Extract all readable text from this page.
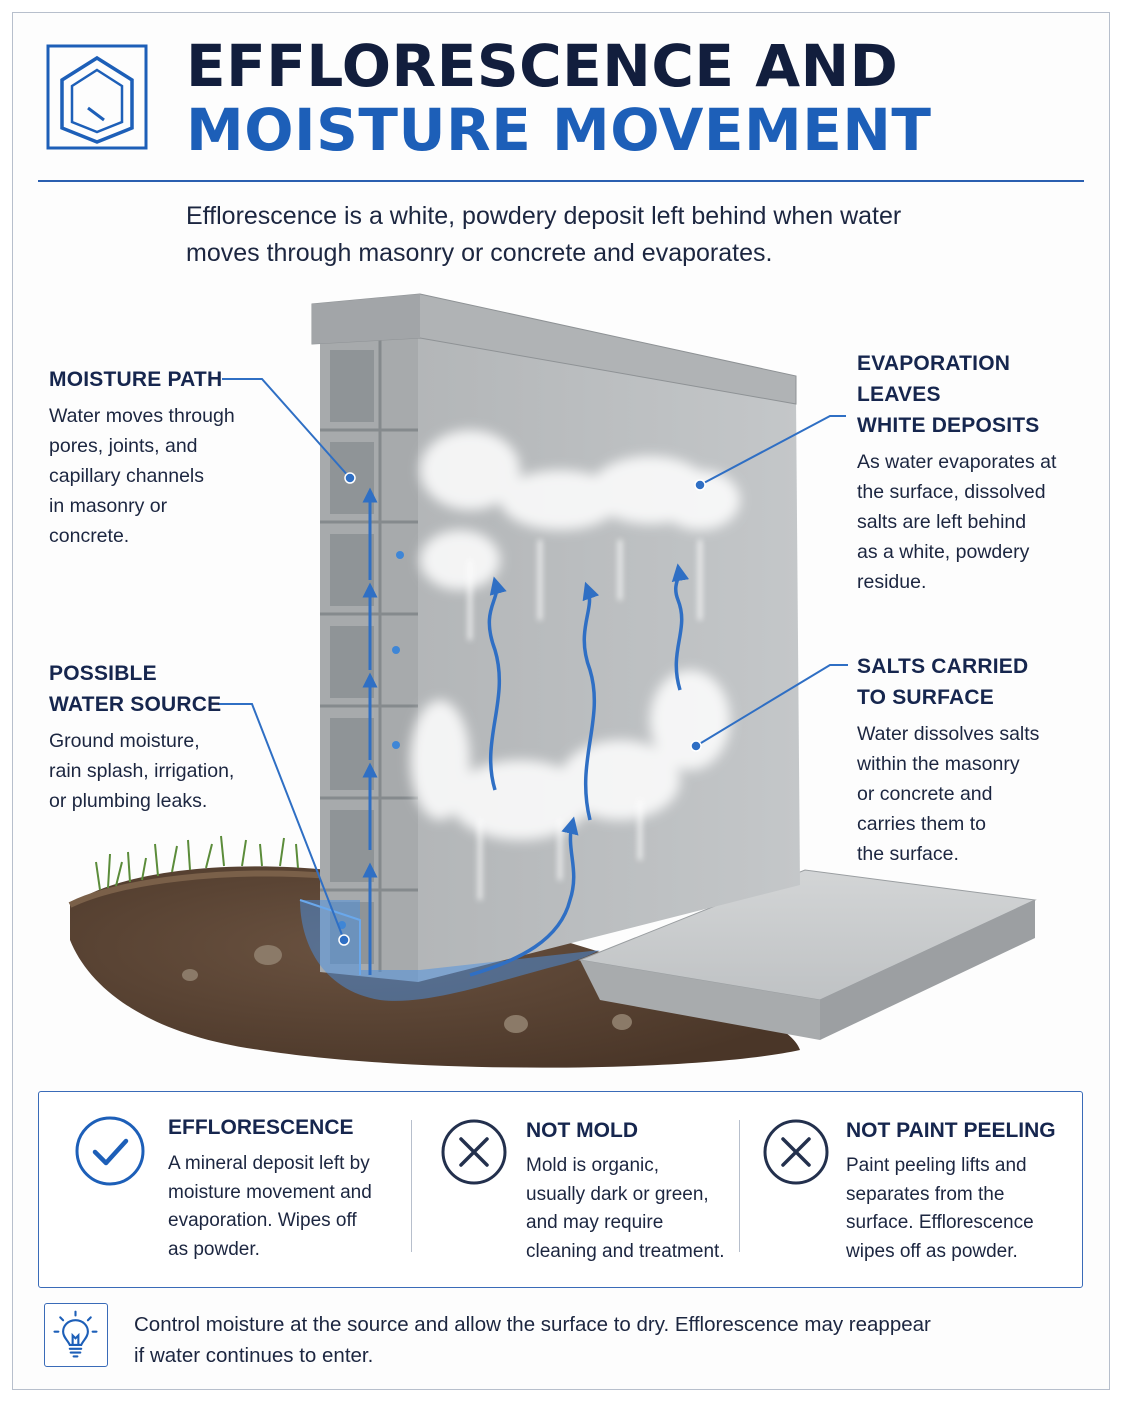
EFFLORESCENCE AND
MOISTURE MOVEMENT

Efflorescence is a white, powdery deposit left behind when water
moves through masonry or concrete and evaporates.

MOISTURE PATH

Water moves through
pores, joints, and
capillary channels
in masonry or
concrete.

POSSIBLE
WATER SOURCE

Ground moisture,
rain splash, irrigation,
or plumbing leaks.

EVAPORATION LEAVES
WHITE DEPOSITS

As water evaporates at
the surface, dissolved
salts are left behind
as a white, powdery
residue.

SALTS CARRIED
TO SURFACE

Water dissolves salts
within the masonry
or concrete and
carries them to
the surface.

EFFLORESCENCE

A mineral deposit left by
moisture movement and
evaporation. Wipes off
as powder.

NOT MOLD

Mold is organic,
usually dark or green,
and may require
cleaning and treatment.

NOT PAINT PEELING

Paint peeling lifts and
separates from the
surface. Efflorescence
wipes off as powder.

Control moisture at the source and allow the surface to dry. Efflorescence may reappear
if water continues to enter.
